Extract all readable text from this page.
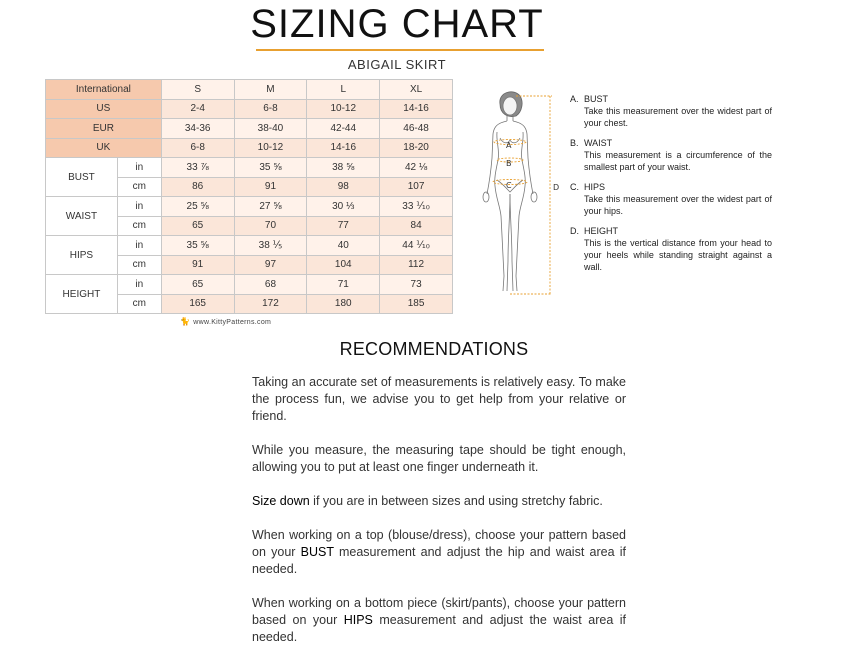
SIZING CHART
ABIGAIL SKIRT
International		S	M	L	XL
US		2-4	6-8	10-12	14-16
EUR		34-36	38-40	42-44	46-48
UK		6-8	10-12	14-16	18-20
BUST	in	33 ⅞	35 ⅝	38 ⅝	42 ⅛
	cm	86	91	98	107
WAIST	in	25 ⅝	27 ⅝	30 ⅓	33 ⅒
	cm	65	70	77	84
HIPS	in	35 ⅝	38 ⅕	40	44 ⅒
	cm	91	97	104	112
HEIGHT	in	65	68	71	73
	cm	165	172	180	185
🐈 www.KittyPatterns.com
A
B
C	D
A. BUST
Take this measurement over the widest part of your chest.
B. WAIST
This measurement is a circumference of the smallest part of your waist.
C. HIPS
Take this measurement over the widest part of your hips.
D. HEIGHT
This is the vertical distance from your head to your heels while standing straight against a wall.
RECOMMENDATIONS

Taking an accurate set of measurements is relatively easy. To make the process fun, we advise you to get help from your relative or friend.

While you measure, the measuring tape should be tight enough, allowing you to put at least one finger underneath it.

Size down if you are in between sizes and using stretchy fabric.

When working on a top (blouse/dress), choose your pattern based on your BUST measurement and adjust the hip and waist area if needed.

When working on a bottom piece (skirt/pants), choose your pattern based on your HIPS measurement and adjust the waist area if needed.
